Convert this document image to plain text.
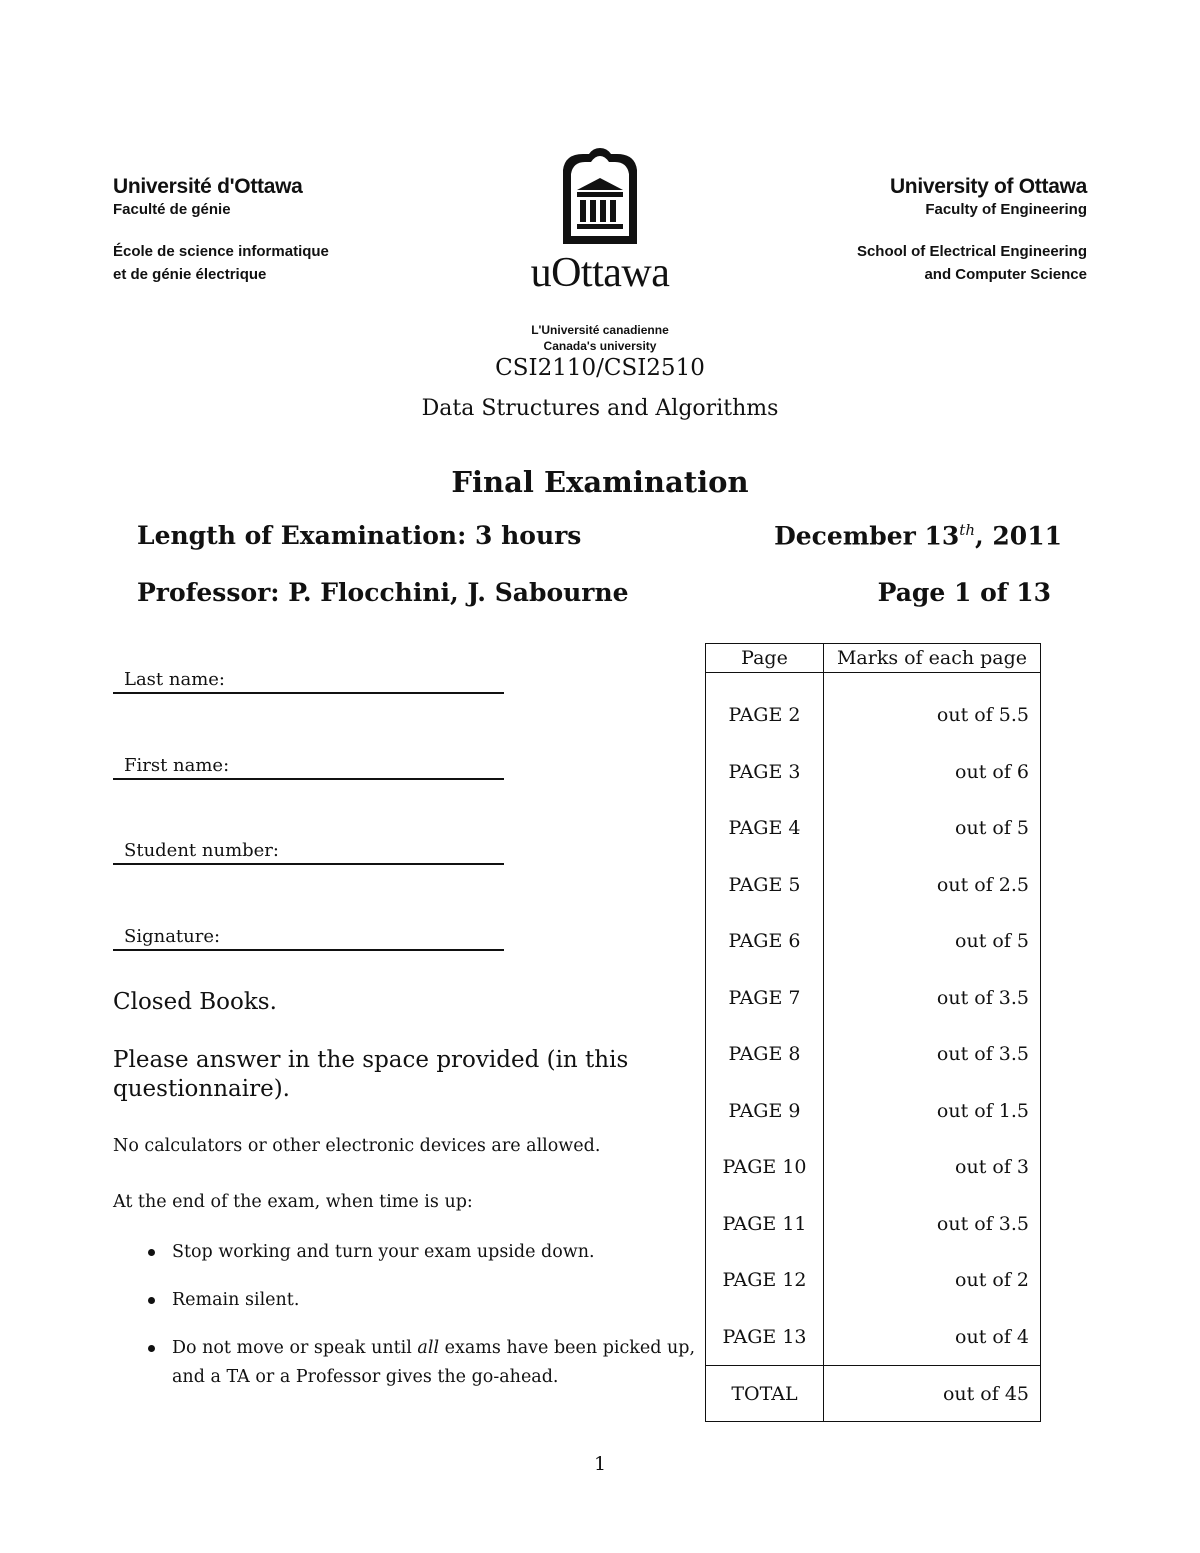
Université d'Ottawa
Faculté de génie
École de science informatique
et de génie électrique	uOttawa
L'Université canadienne
Canada's university
University of Ottawa
Faculty of Engineering
School of Electrical Engineering
and Computer Science
CSI2110/CSI2510
Data Structures and Algorithms
Final Examination
Length of Examination: 3 hours	December 13th, 2011
Professor: P. Flocchini, J. Sabourne	Page 1 of 13
Last name:
First name:
Student number:
Signature:
Closed Books.
Please answer in the space provided (in this questionnaire).
No calculators or other electronic devices are allowed.
At the end of the exam, when time is up:
Stop working and turn your exam upside down.
Remain silent.
Do not move or speak until all exams have been picked up, and a TA or a Professor gives the go-ahead.
Page	Marks of each page

PAGE 2	out of 5.5
PAGE 3	out of 6
PAGE 4	out of 5
PAGE 5	out of 2.5
PAGE 6	out of 5
PAGE 7	out of 3.5
PAGE 8	out of 3.5
PAGE 9	out of 1.5
PAGE 10	out of 3
PAGE 11	out of 3.5
PAGE 12	out of 2
PAGE 13	out of 4
TOTAL	out of 45
1
